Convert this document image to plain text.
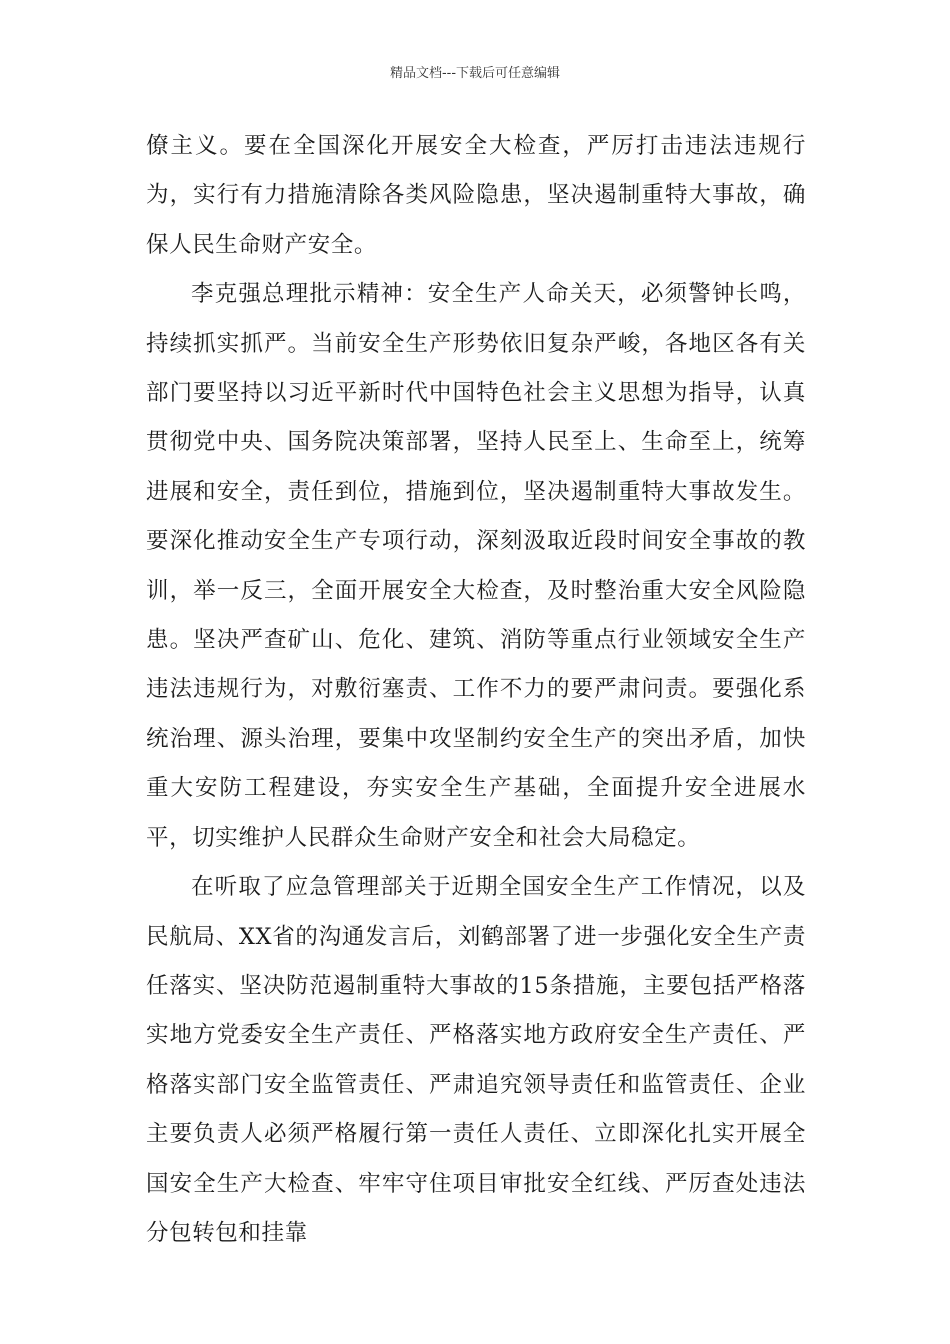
精品文档---下载后可任意编辑

僚主义。要在全国深化开展安全大检查，严厉打击违法违规行为，实行有力措施清除各类风险隐患，坚决遏制重特大事故，确保人民生命财产安全。

李克强总理批示精神：安全生产人命关天，必须警钟长鸣，持续抓实抓严。当前安全生产形势依旧复杂严峻，各地区各有关部门要坚持以习近平新时代中国特色社会主义思想为指导，认真贯彻党中央、国务院决策部署，坚持人民至上、生命至上，统筹进展和安全，责任到位，措施到位，坚决遏制重特大事故发生。要深化推动安全生产专项行动，深刻汲取近段时间安全事故的教训，举一反三，全面开展安全大检查，及时整治重大安全风险隐患。坚决严查矿山、危化、建筑、消防等重点行业领域安全生产违法违规行为，对敷衍塞责、工作不力的要严肃问责。要强化系统治理、源头治理，要集中攻坚制约安全生产的突出矛盾，加快重大安防工程建设，夯实安全生产基础，全面提升安全进展水平，切实维护人民群众生命财产安全和社会大局稳定。

在听取了应急管理部关于近期全国安全生产工作情况，以及民航局、XX省的沟通发言后，刘鹤部署了进一步强化安全生产责任落实、坚决防范遏制重特大事故的15条措施，主要包括严格落实地方党委安全生产责任、严格落实地方政府安全生产责任、严格落实部门安全监管责任、严肃追究领导责任和监管责任、企业主要负责人必须严格履行第一责任人责任、立即深化扎实开展全国安全生产大检查、牢牢守住项目审批安全红线、严厉查处违法分包转包和挂靠
